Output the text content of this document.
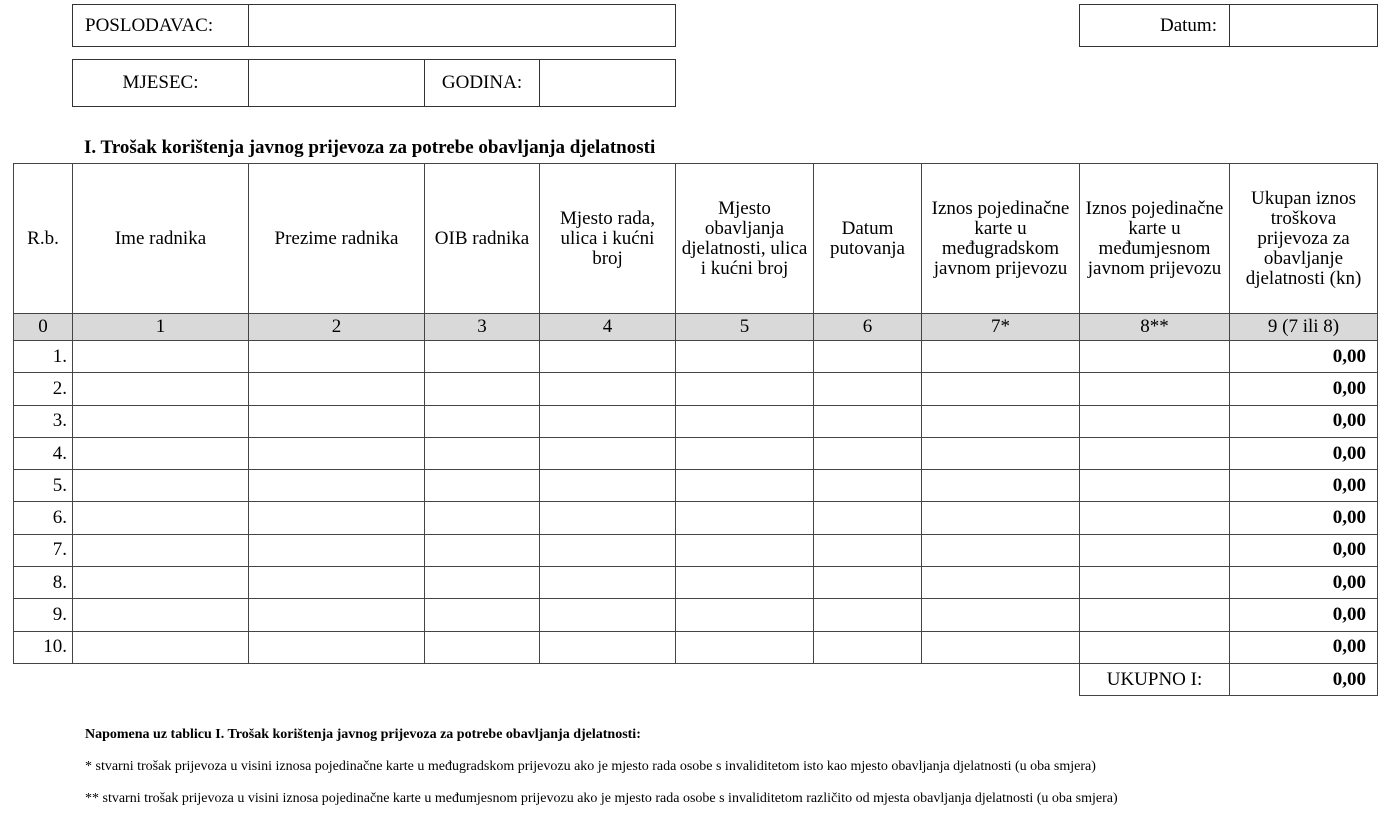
POSLODAVAC:
MJESEC:	GODINA:
Datum:
I. Trošak korištenja javnog prijevoza za potrebe obavljanja djelatnosti
R.b.	Ime radnika	Prezime radnika	OIB radnika	Mjesto rada, ulica i kućni broj	Mjesto obavljanja djelatnosti, ulica i kućni broj	Datum putovanja	Iznos pojedinačne karte u međugradskom javnom prijevozu	Iznos pojedinačne karte u međumjesnom javnom prijevozu	Ukupan iznos troškova prijevoza za obavljanje djelatnosti (kn)
0	1	2	3	4	5	6	7*	8**	9 (7 ili 8)
1.									0,00
2.									0,00
3.									0,00
4.									0,00
5.									0,00
6.									0,00
7.									0,00
8.									0,00
9.									0,00
10.									0,00
								UKUPNO I:	0,00
Napomena uz tablicu I. Trošak korištenja javnog prijevoza za potrebe obavljanja djelatnosti:
* stvarni trošak prijevoza u visini iznosa pojedinačne karte u međugradskom prijevozu ako je mjesto rada osobe s invaliditetom isto kao mjesto obavljanja djelatnosti (u oba smjera)
** stvarni trošak prijevoza u visini iznosa pojedinačne karte u međumjesnom prijevozu ako je mjesto rada osobe s invaliditetom različito od mjesta obavljanja djelatnosti (u oba smjera)
